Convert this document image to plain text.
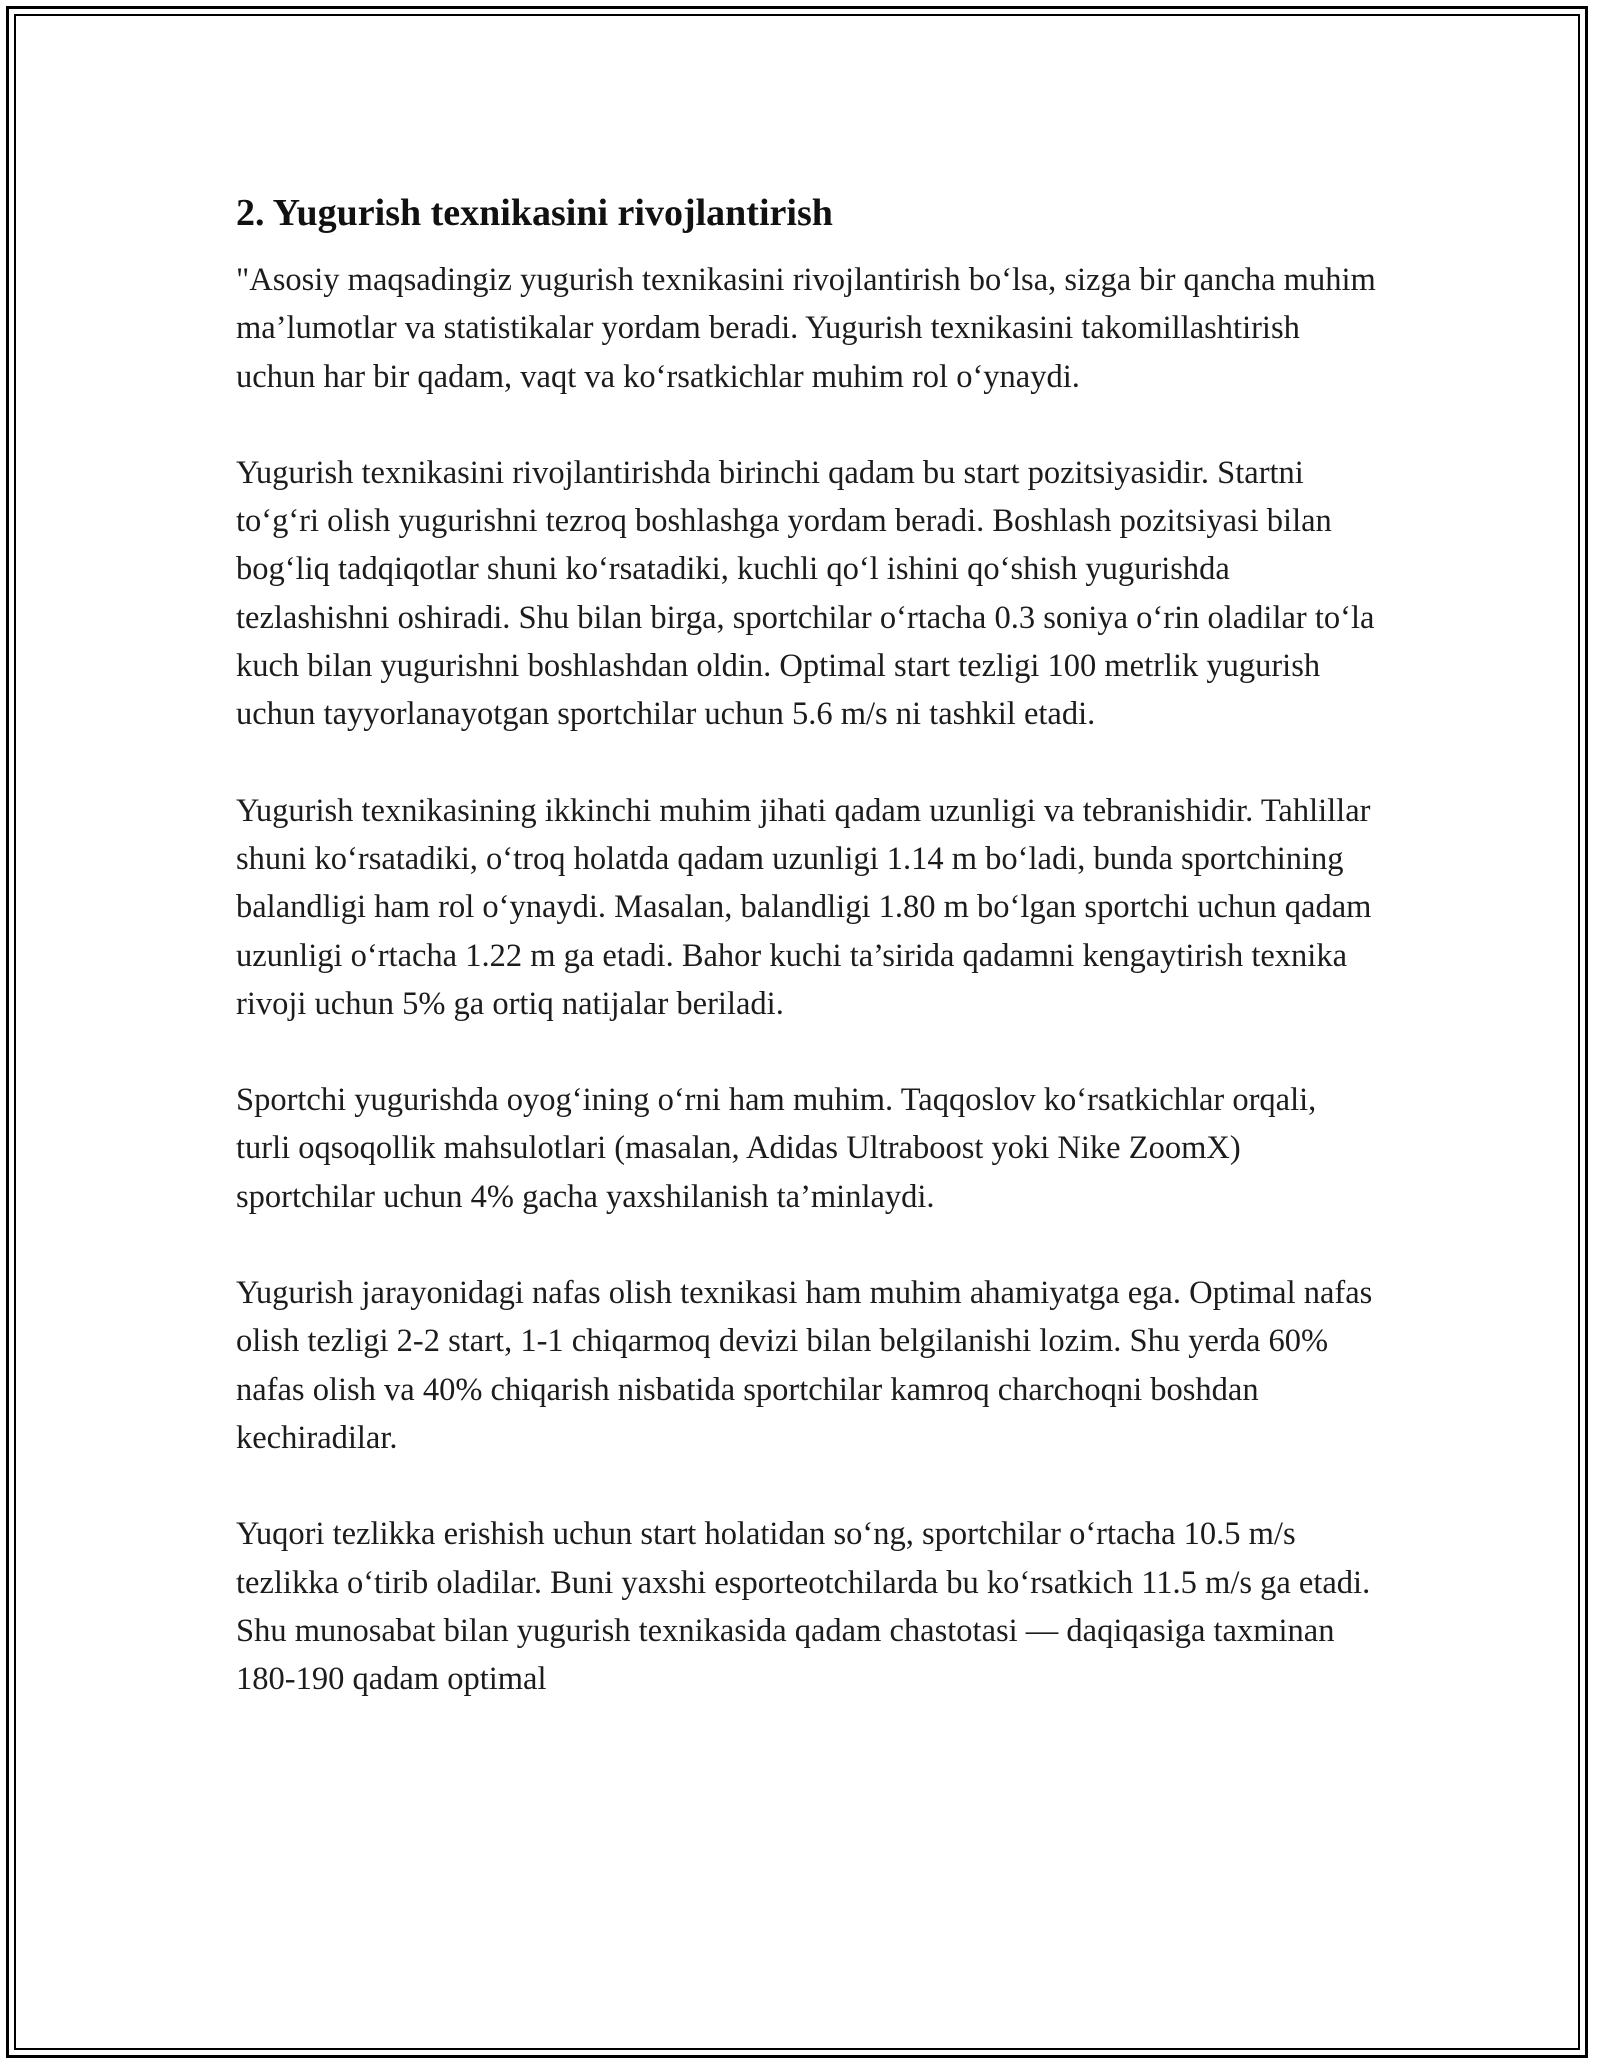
2. Yugurish texnikasini rivojlantirish

"Asosiy maqsadingiz yugurish texnikasini rivojlantirish bo‘lsa, sizga bir qancha muhim ma’lumotlar va statistikalar yordam beradi. Yugurish texnikasini takomillashtirish uchun har bir qadam, vaqt va ko‘rsatkichlar muhim rol o‘ynaydi.

Yugurish texnikasini rivojlantirishda birinchi qadam bu start pozitsiyasidir. Startni to‘g‘ri olish yugurishni tezroq boshlashga yordam beradi. Boshlash pozitsiyasi bilan bog‘liq tadqiqotlar shuni ko‘rsatadiki, kuchli qo‘l ishini qo‘shish yugurishda tezlashishni oshiradi. Shu bilan birga, sportchilar o‘rtacha 0.3 soniya o‘rin oladilar to‘la kuch bilan yugurishni boshlashdan oldin. Optimal start tezligi 100 metrlik yugurish uchun tayyorlanayotgan sportchilar uchun 5.6 m/s ni tashkil etadi.

Yugurish texnikasining ikkinchi muhim jihati qadam uzunligi va tebranishidir. Tahlillar shuni ko‘rsatadiki, o‘troq holatda qadam uzunligi 1.14 m bo‘ladi, bunda sportchining balandligi ham rol o‘ynaydi. Masalan, balandligi 1.80 m bo‘lgan sportchi uchun qadam uzunligi o‘rtacha 1.22 m ga etadi. Bahor kuchi ta’sirida qadamni kengaytirish texnika rivoji uchun 5% ga ortiq natijalar beriladi.

Sportchi yugurishda oyog‘ining o‘rni ham muhim. Taqqoslov ko‘rsatkichlar orqali, turli oqsoqollik mahsulotlari (masalan, Adidas Ultraboost yoki Nike ZoomX) sportchilar uchun 4% gacha yaxshilanish ta’minlaydi.

Yugurish jarayonidagi nafas olish texnikasi ham muhim ahamiyatga ega. Optimal nafas olish tezligi 2-2 start, 1-1 chiqarmoq devizi bilan belgilanishi lozim. Shu yerda 60% nafas olish va 40% chiqarish nisbatida sportchilar kamroq charchoqni boshdan kechiradilar.

Yuqori tezlikka erishish uchun start holatidan so‘ng, sportchilar o‘rtacha 10.5 m/s tezlikka o‘tirib oladilar. Buni yaxshi esporteotchilarda bu ko‘rsatkich 11.5 m/s ga etadi. Shu munosabat bilan yugurish texnikasida qadam chastotasi — daqiqasiga taxminan 180-190 qadam optimal
